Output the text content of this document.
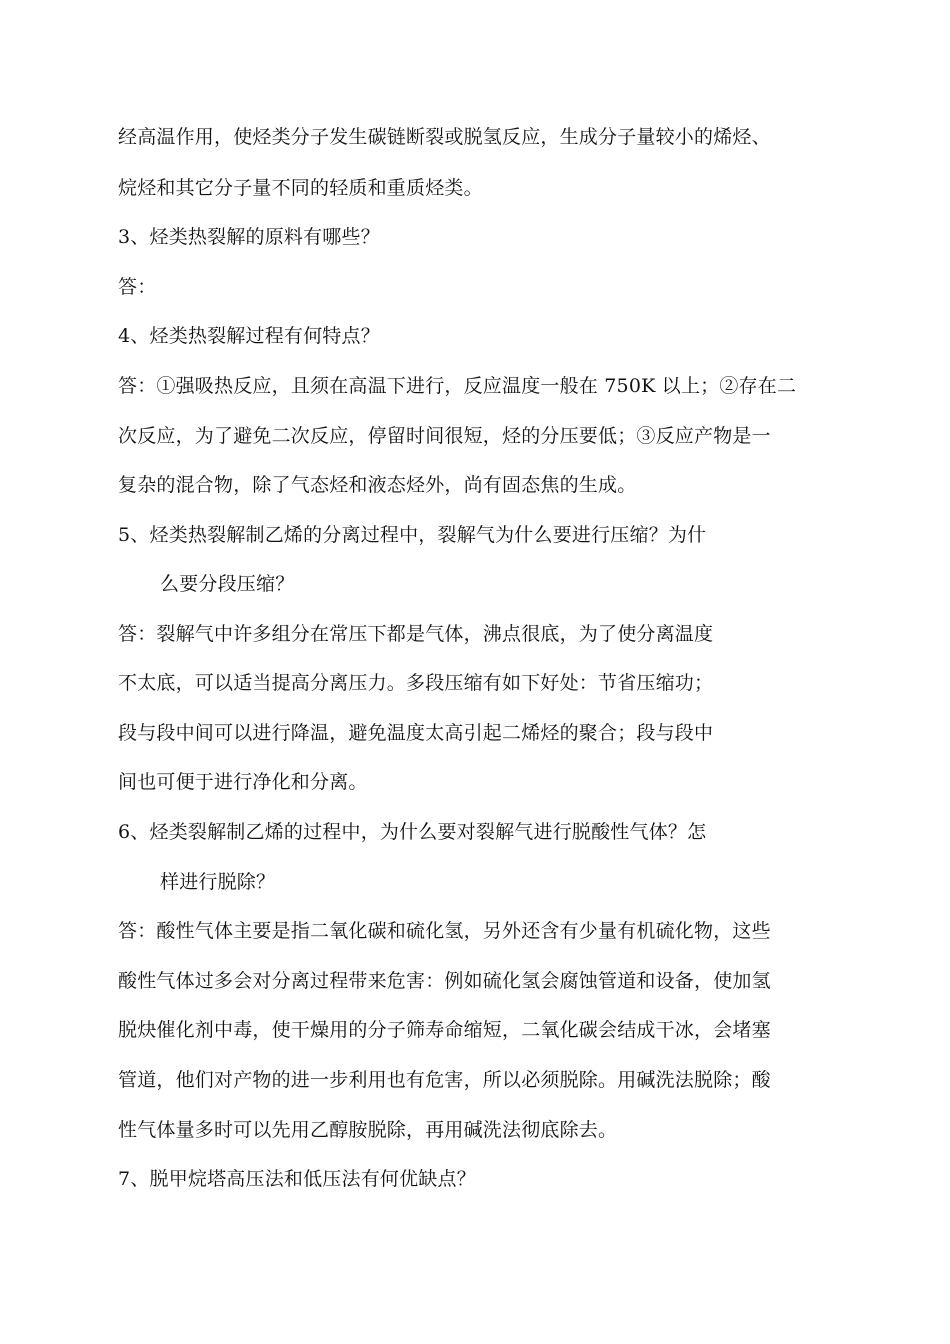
经高温作用，使烃类分子发生碳链断裂或脱氢反应，生成分子量较小的烯烃、
烷烃和其它分子量不同的轻质和重质烃类。
3、烃类热裂解的原料有哪些？
答：
4、烃类热裂解过程有何特点？
答：①强吸热反应，且须在高温下进行，反应温度一般在 750K 以上；②存在二
次反应，为了避免二次反应，停留时间很短，烃的分压要低；③反应产物是一
复杂的混合物，除了气态烃和液态烃外，尚有固态焦的生成。
5、烃类热裂解制乙烯的分离过程中，裂解气为什么要进行压缩？为什
么要分段压缩？
答：裂解气中许多组分在常压下都是气体，沸点很底，为了使分离温度
不太底，可以适当提高分离压力。多段压缩有如下好处：节省压缩功；
段与段中间可以进行降温，避免温度太高引起二烯烃的聚合；段与段中
间也可便于进行净化和分离。
6、烃类裂解制乙烯的过程中，为什么要对裂解气进行脱酸性气体？怎
样进行脱除？
答：酸性气体主要是指二氧化碳和硫化氢，另外还含有少量有机硫化物，这些
酸性气体过多会对分离过程带来危害：例如硫化氢会腐蚀管道和设备，使加氢
脱炔催化剂中毒，使干燥用的分子筛寿命缩短，二氧化碳会结成干冰，会堵塞
管道，他们对产物的进一步利用也有危害，所以必须脱除。用碱洗法脱除；酸
性气体量多时可以先用乙醇胺脱除，再用碱洗法彻底除去。
7、脱甲烷塔高压法和低压法有何优缺点？
